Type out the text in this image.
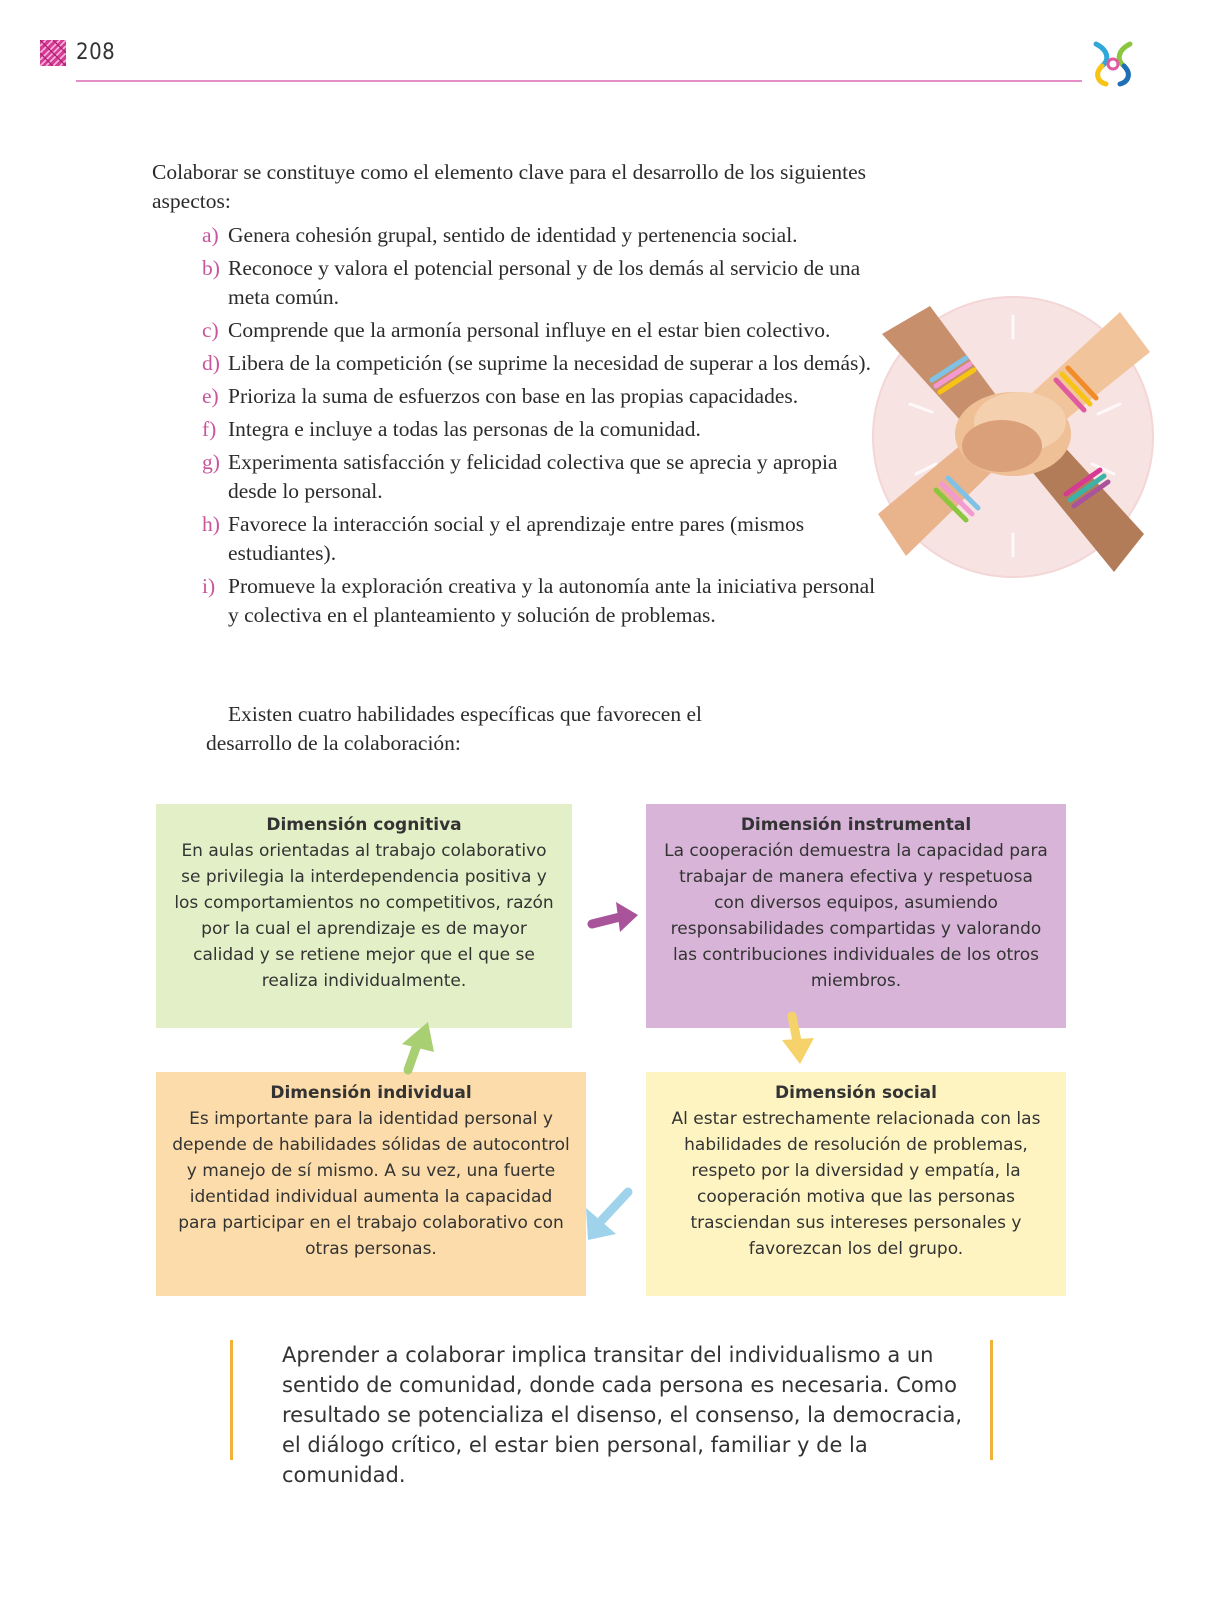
208
Colaborar se constituye como el elemento clave para el desarrollo de los siguientes aspectos:
a) Genera cohesión grupal, sentido de identidad y pertenencia social.
b) Reconoce y valora el potencial personal y de los demás al servicio de una meta común.
c) Comprende que la armonía personal influye en el estar bien colectivo.
d) Libera de la competición (se suprime la necesidad de superar a los demás).
e) Prioriza la suma de esfuerzos con base en las propias capacidades.
f) Integra e incluye a todas las personas de la comunidad.
g) Experimenta satisfacción y felicidad colectiva que se aprecia y apropia desde lo personal.
h) Favorece la interacción social y el aprendizaje entre pares (mismos estudiantes).
i) Promueve la exploración creativa y la autonomía ante la iniciativa personal y colectiva en el planteamiento y solución de problemas.
Existen cuatro habilidades específicas que favorecen el desarrollo de la colaboración:
Dimensión cognitiva
En aulas orientadas al trabajo colaborativo se privilegia la interdependencia positiva y los comportamientos no competitivos, razón por la cual el aprendizaje es de mayor calidad y se retiene mejor que el que se realiza individualmente.
Dimensión instrumental
La cooperación demuestra la capacidad para trabajar de manera efectiva y respetuosa con diversos equipos, asumiendo responsabilidades compartidas y valorando las contribuciones individuales de los otros miembros.
Dimensión individual
Es importante para la identidad personal y depende de habilidades sólidas de autocontrol y manejo de sí mismo. A su vez, una fuerte identidad individual aumenta la capacidad para participar en el trabajo colaborativo con otras personas.
Dimensión social
Al estar estrechamente relacionada con las habilidades de resolución de problemas, respeto por la diversidad y empatía, la cooperación motiva que las personas trasciendan sus intereses personales y favorezcan los del grupo.
Aprender a colaborar implica transitar del individualismo a un sentido de comunidad, donde cada persona es necesaria. Como resultado se potencializa el disenso, el consenso, la democracia, el diálogo crítico, el estar bien personal, familiar y de la comunidad.
